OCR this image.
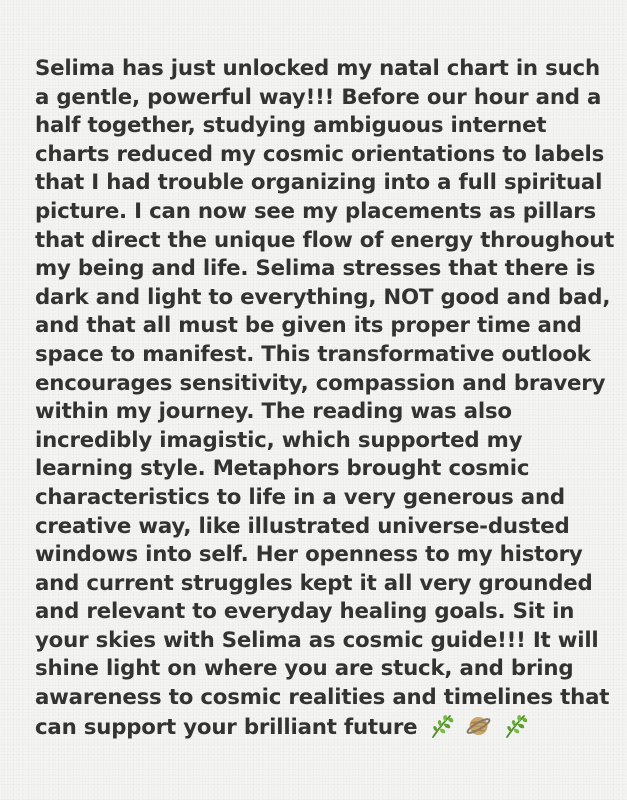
Selima has just unlocked my natal chart in such
a gentle, powerful way!!! Before our hour and a
half together, studying ambiguous internet
charts reduced my cosmic orientations to labels
that I had trouble organizing into a full spiritual
picture. I can now see my placements as pillars
that direct the unique flow of energy throughout
my being and life. Selima stresses that there is
dark and light to everything, NOT good and bad,
and that all must be given its proper time and
space to manifest. This transformative outlook
encourages sensitivity, compassion and bravery
within my journey. The reading was also
incredibly imagistic, which supported my
learning style. Metaphors brought cosmic
characteristics to life in a very generous and
creative way, like illustrated universe-dusted
windows into self. Her openness to my history
and current struggles kept it all very grounded
and relevant to everyday healing goals. Sit in
your skies with Selima as cosmic guide!!! It will
shine light on where you are stuck, and bring
awareness to cosmic realities and timelines that
can support your brilliant future
